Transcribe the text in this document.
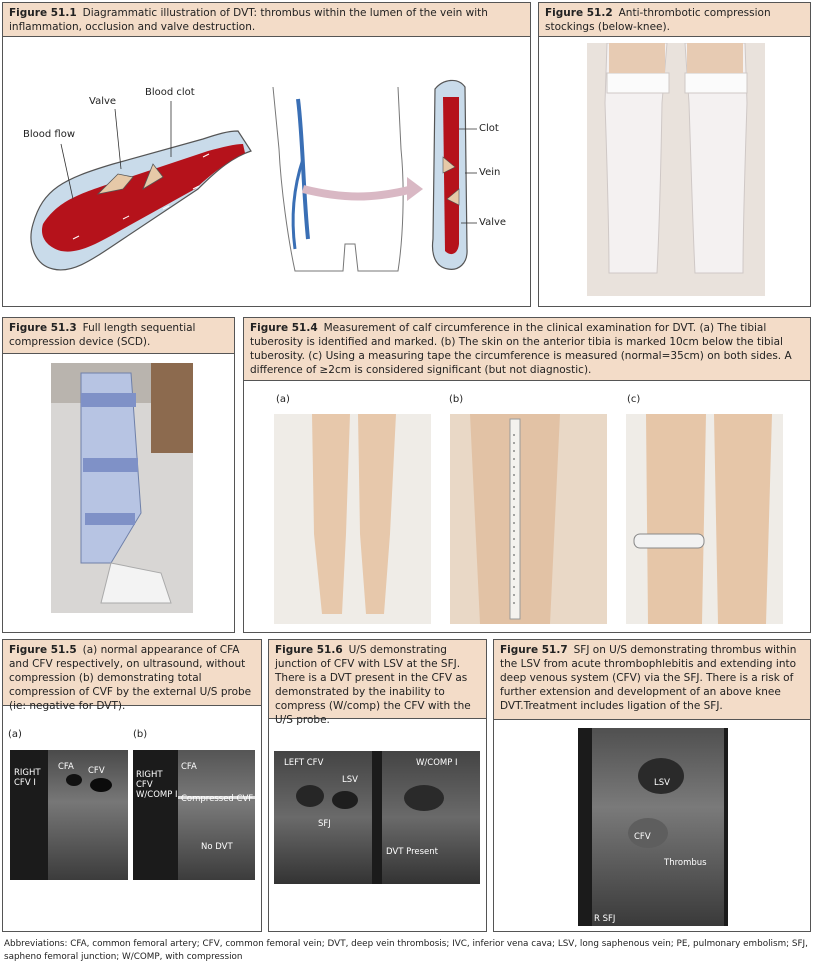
Figure 51.1 Diagrammatic illustration of DVT: thrombus within the lumen of the vein with inflammation, occlusion and valve destruction.
Blood flow
Valve
Blood clot
Clot
Vein
Valve
Figure 51.2 Anti-thrombotic compression stockings (below-knee).
Figure 51.3 Full length sequential compression device (SCD).
Figure 51.4 Measurement of calf circumference in the clinical examination for DVT. (a) The tibial tuberosity is identified and marked. (b) The skin on the anterior tibia is marked 10cm below the tibial tuberosity. (c) Using a measuring tape the circumference is measured (normal=35cm) on both sides. A difference of ≥2cm is considered significant (but not diagnostic).
(a)	(b)	(c)
Figure 51.5 (a) normal appearance of CFA and CFV respectively, on ultrasound, without compression (b) demonstrating total compression of CVF by the external U/S probe (ie: negative for DVT).
(a)	(b)
RIGHT CFV I
CFA CFV	RIGHT CFV W/COMP I
CFA
Compressed CVF
No DVT
Figure 51.6 U/S demonstrating junction of CFV with LSV at the SFJ. There is a DVT present in the CFV as demonstrated by the inability to compress (W/comp) the CFV with the U/S probe.
LEFT CFV
LSV
SFJ
W/COMP I
DVT Present
Figure 51.7 SFJ on U/S demonstrating thrombus within the LSV from acute thrombophlebitis and extending into deep venous system (CFV) via the SFJ. There is a risk of further extension and development of an above knee DVT.Treatment includes ligation of the SFJ.
LSV
CFV
Thrombus
R SFJ
Abbreviations: CFA, common femoral artery; CFV, common femoral vein; DVT, deep vein thrombosis; IVC, inferior vena cava; LSV, long saphenous vein; PE, pulmonary embolism; SFJ, sapheno femoral junction; W/COMP, with compression
